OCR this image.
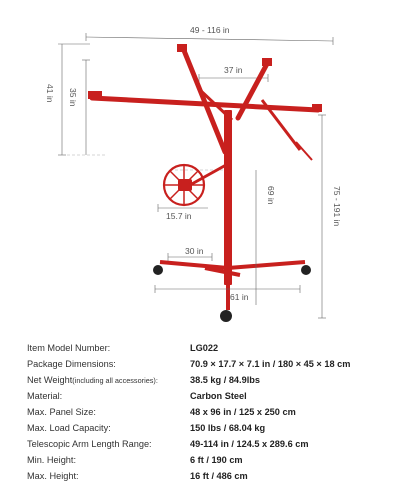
49 - 116 in
41 in 35 in
37 in
15.7 in
69 in	75 - 191 in
30 in
61 in
Item Model Number:	LG022
Package Dimensions:	70.9 × 17.7 × 7.1 in / 180 × 45 × 18 cm
Net Weight(including all accessories):	38.5 kg / 84.9lbs
Material:	Carbon Steel
Max. Panel Size:	48 x 96 in / 125 x 250 cm
Max. Load Capacity:	150 lbs / 68.04 kg
Telescopic Arm Length Range:	49-114 in / 124.5 x 289.6 cm
Min. Height:	6 ft / 190 cm
Max. Height:	16 ft / 486 cm
